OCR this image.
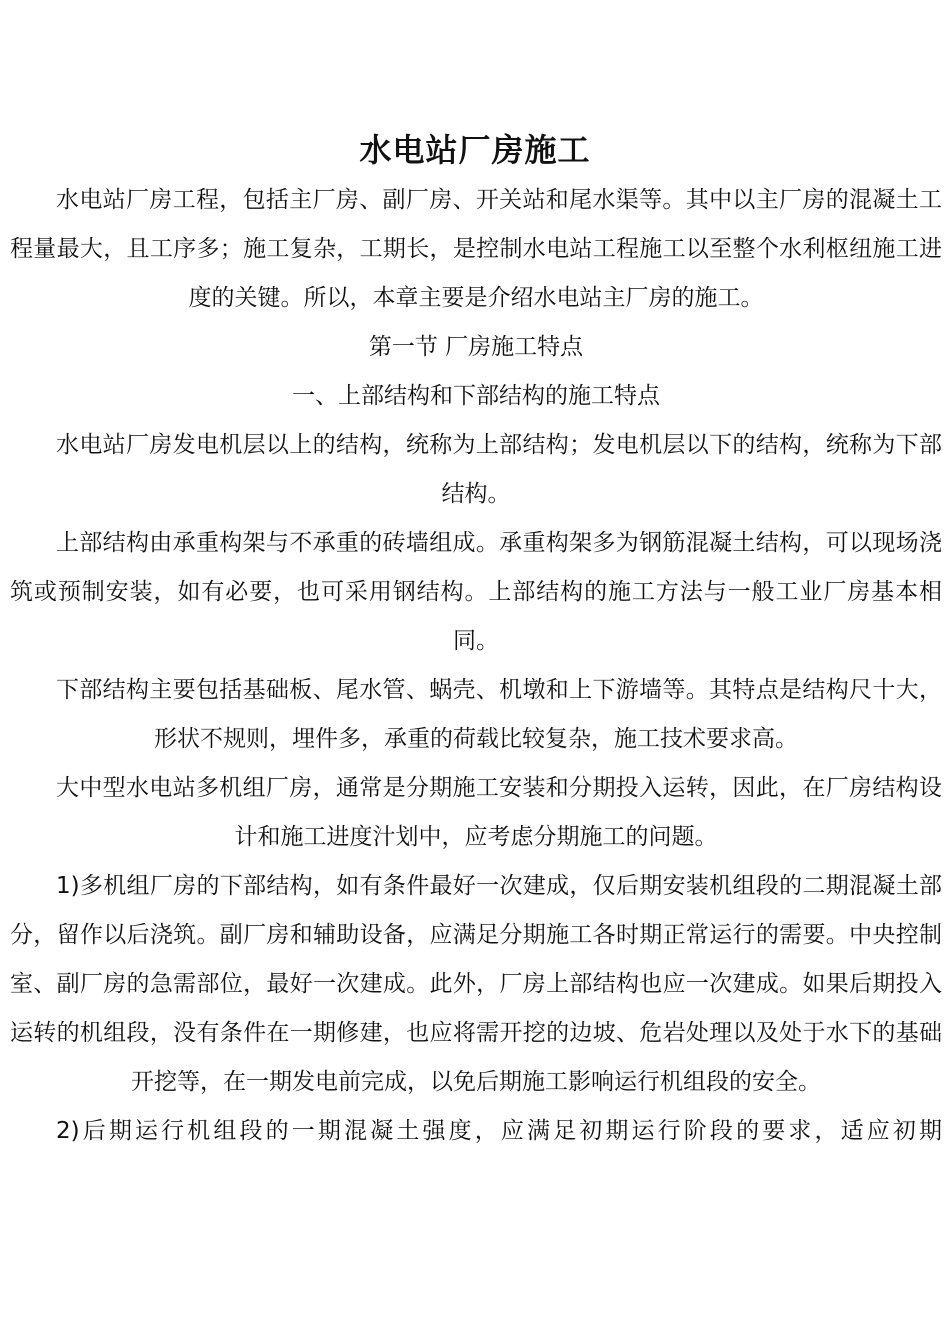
水电站厂房施工

水电站厂房工程，包括主厂房、副厂房、开关站和尾水渠等。其中以主厂房的混凝土工程量最大，且工序多；施工复杂，工期长，是控制水电站工程施工以至整个水利枢纽施工进度的关键。所以，本章主要是介绍水电站主厂房的施工。

第一节 厂房施工特点

一、上部结构和下部结构的施工特点

水电站厂房发电机层以上的结构，统称为上部结构；发电机层以下的结构，统称为下部结构。

上部结构由承重构架与不承重的砖墙组成。承重构架多为钢筋混凝土结构，可以现场浇筑或预制安装，如有必要，也可采用钢结构。上部结构的施工方法与一般工业厂房基本相同。

下部结构主要包括基础板、尾水管、蜗壳、机墩和上下游墙等。其特点是结构尺十大，形状不规则，埋件多，承重的荷载比较复杂，施工技术要求高。

大中型水电站多机组厂房，通常是分期施工安装和分期投入运转，因此，在厂房结构设计和施工进度汁划中，应考虑分期施工的问题。

1)多机组厂房的下部结构，如有条件最好一次建成，仅后期安装机组段的二期混凝土部分，留作以后浇筑。副厂房和辅助设备，应满足分期施工各时期正常运行的需要。中央控制室、副厂房的急需部位，最好一次建成。此外，厂房上部结构也应一次建成。如果后期投入运转的机组段，没有条件在一期修建，也应将需开挖的边坡、危岩处理以及处于水下的基础开挖等，在一期发电前完成，以免后期施工影响运行机组段的安全。

2)后期运行机组段的一期混凝土强度，应满足初期运行阶段的要求，适应初期
